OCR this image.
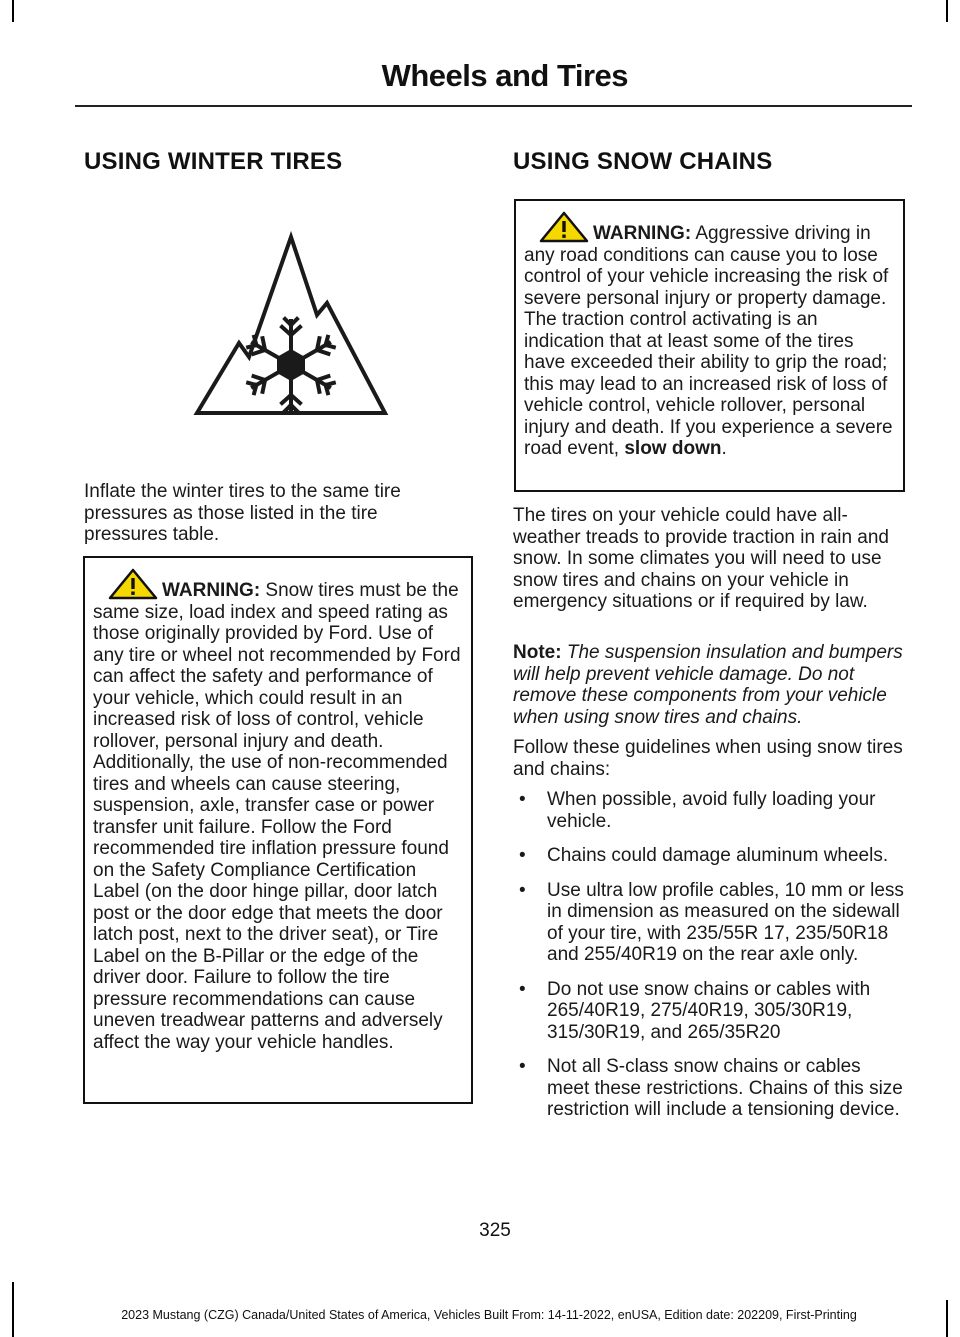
Wheels and Tires
USING WINTER TIRES

Inflate the winter tires to the same tire pressures as those listed in the tire pressures table.

WARNING: Snow tires must be the same size, load index and speed rating as those originally provided by Ford. Use of any tire or wheel not recommended by Ford can affect the safety and performance of your vehicle, which could result in an increased risk of loss of control, vehicle rollover, personal injury and death. Additionally, the use of non-recommended tires and wheels can cause steering, suspension, axle, transfer case or power transfer unit failure. Follow the Ford recommended tire inflation pressure found on the Safety Compliance Certification Label (on the door hinge pillar, door latch post or the door edge that meets the door latch post, next to the driver seat), or Tire Label on the B-Pillar or the edge of the driver door. Failure to follow the tire pressure recommendations can cause uneven treadwear patterns and adversely affect the way your vehicle handles.

USING SNOW CHAINS

WARNING: Aggressive driving in any road conditions can cause you to lose control of your vehicle increasing the risk of severe personal injury or property damage. The traction control activating is an indication that at least some of the tires have exceeded their ability to grip the road; this may lead to an increased risk of loss of vehicle control, vehicle rollover, personal injury and death. If you experience a severe road event, slow down.

The tires on your vehicle could have all-weather treads to provide traction in rain and snow. In some climates you will need to use snow tires and chains on your vehicle in emergency situations or if required by law.

Note: The suspension insulation and bumpers will help prevent vehicle damage. Do not remove these components from your vehicle when using snow tires and chains.

Follow these guidelines when using snow tires and chains:

• When possible, avoid fully loading your vehicle.
• Chains could damage aluminum wheels.
• Use ultra low profile cables, 10 mm or less in dimension as measured on the sidewall of your tire, with 235/55R 17, 235/50R18 and 255/40R19 on the rear axle only.
• Do not use snow chains or cables with 265/40R19, 275/40R19, 305/30R19, 315/30R19, and 265/35R20
• Not all S-class snow chains or cables meet these restrictions. Chains of this size restriction will include a tensioning device.
325
2023 Mustang (CZG) Canada/United States of America, Vehicles Built From: 14-11-2022, enUSA, Edition date: 202209, First-Printing
